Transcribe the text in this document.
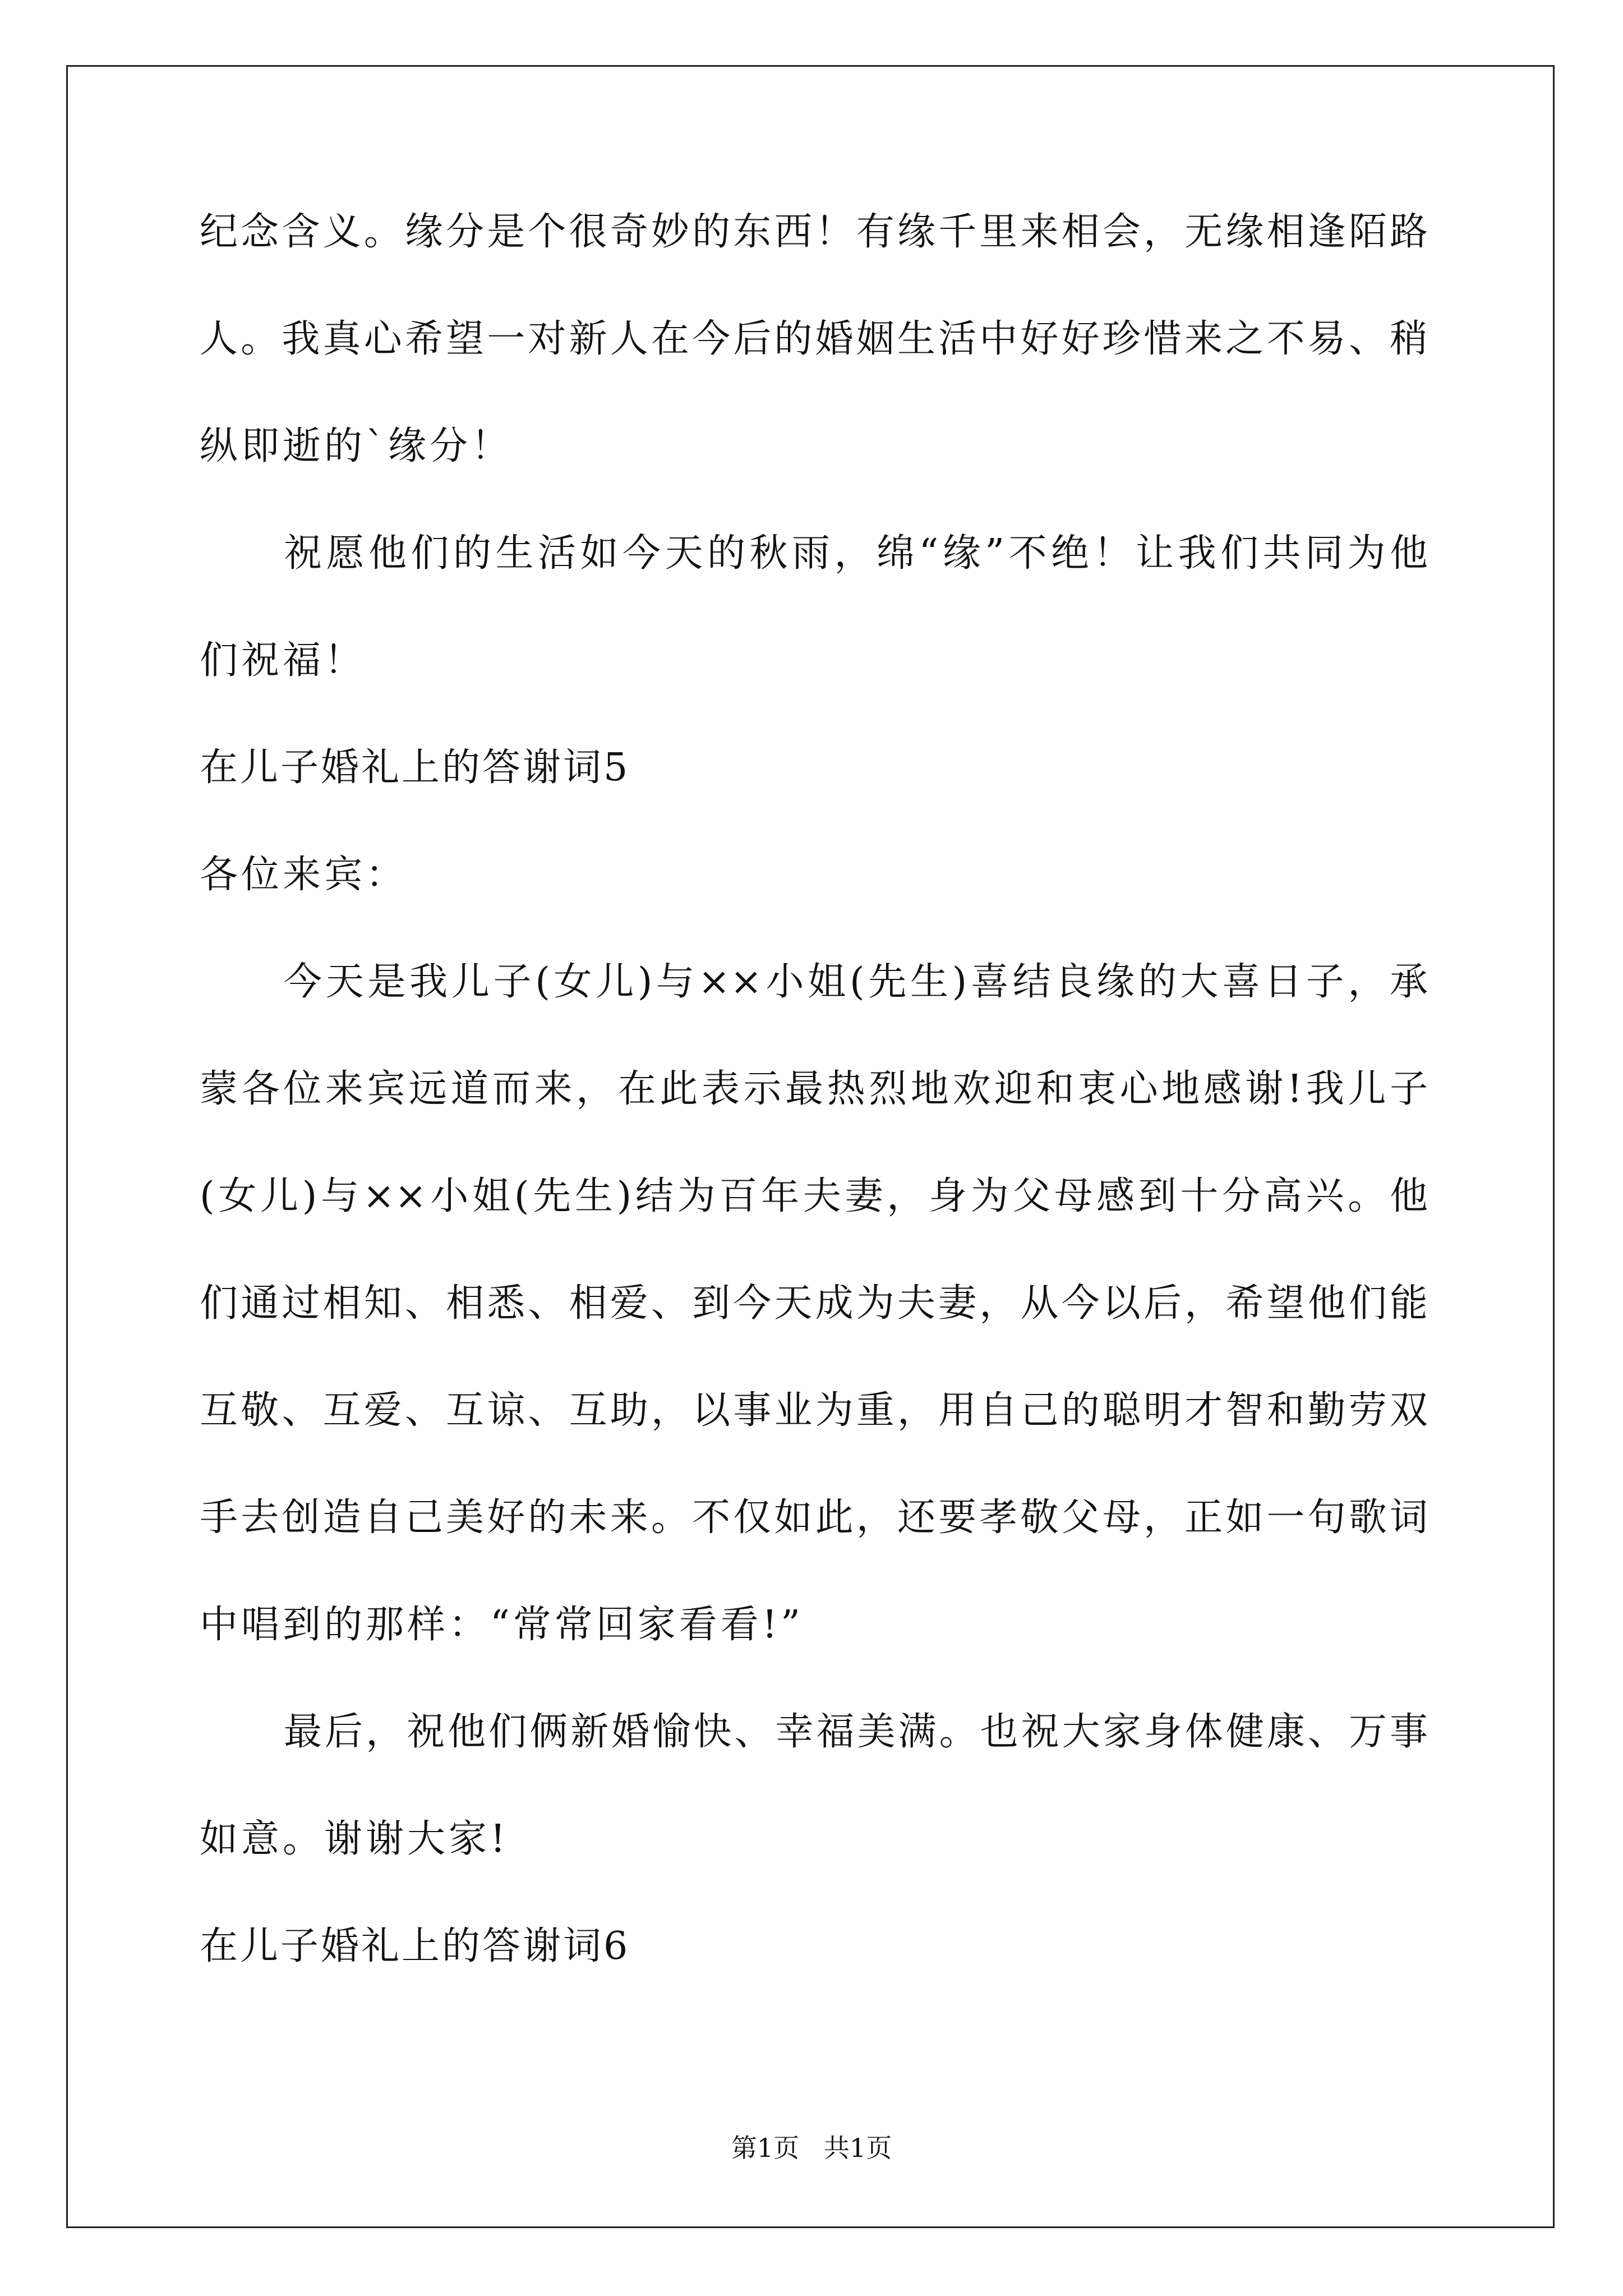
纪念含义。缘分是个很奇妙的东西！有缘千里来相会，无缘相逢陌路
人。我真心希望一对新人在今后的婚姻生活中好好珍惜来之不易、稍
纵即逝的`缘分！
祝愿他们的生活如今天的秋雨，绵“缘”不绝！让我们共同为他
们祝福！
在儿子婚礼上的答谢词5
各位来宾：
今天是我儿子(女儿)与××小姐(先生)喜结良缘的大喜日子，承
蒙各位来宾远道而来，在此表示最热烈地欢迎和衷心地感谢!我儿子
(女儿)与××小姐(先生)结为百年夫妻，身为父母感到十分高兴。他
们通过相知、相悉、相爱、到今天成为夫妻，从今以后，希望他们能
互敬、互爱、互谅、互助，以事业为重，用自己的聪明才智和勤劳双
手去创造自己美好的未来。不仅如此，还要孝敬父母，正如一句歌词
中唱到的那样：“常常回家看看!”
最后，祝他们俩新婚愉快、幸福美满。也祝大家身体健康、万事
如意。谢谢大家!
在儿子婚礼上的答谢词6
第1页   共1页
